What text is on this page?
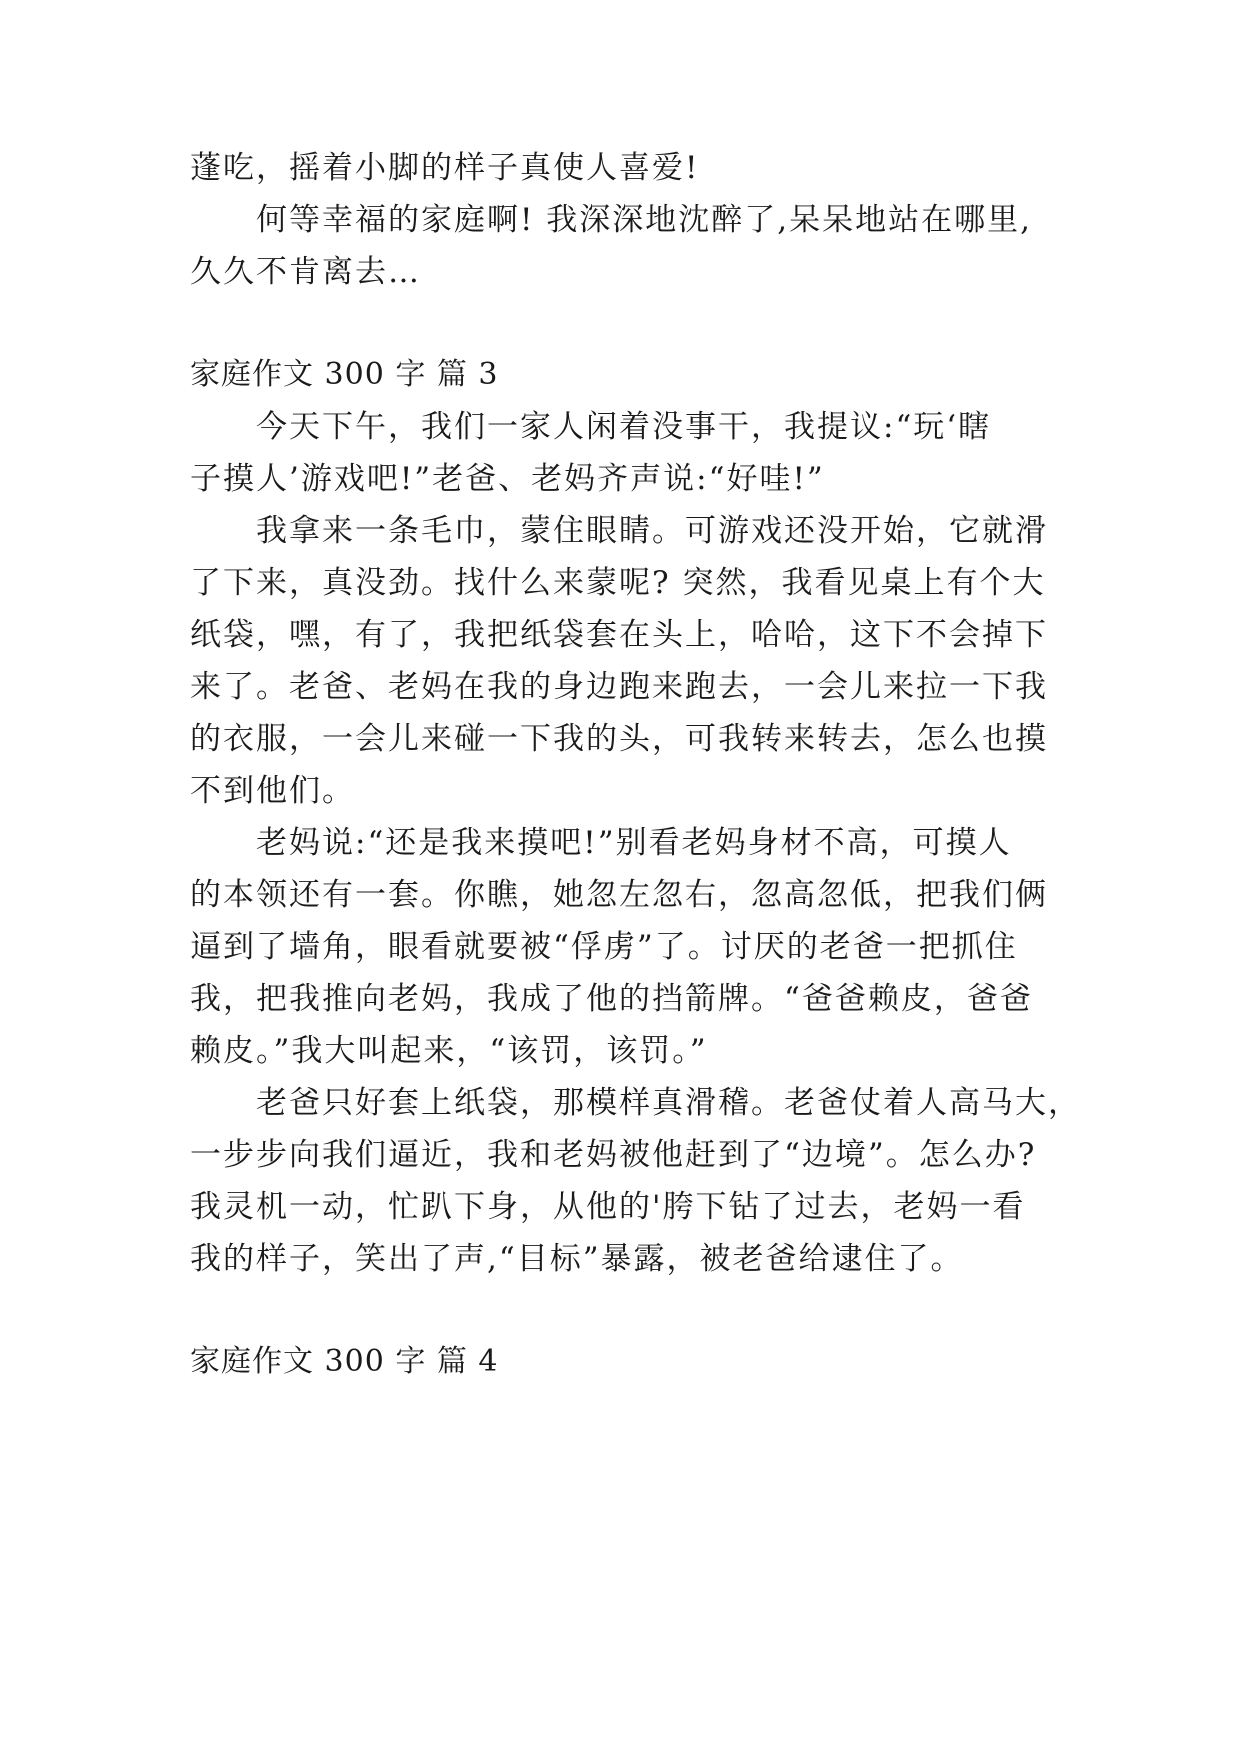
蓬吃，摇着小脚的样子真使人喜爱!
何等幸福的家庭啊! 我深深地沈醉了,呆呆地站在哪里,
久久不肯离去…
家庭作文 300 字 篇 3
今天下午，我们一家人闲着没事干，我提议:“玩‘瞎
子摸人’游戏吧!”老爸、老妈齐声说:“好哇!”
我拿来一条毛巾，蒙住眼睛。可游戏还没开始，它就滑
了下来，真没劲。找什么来蒙呢? 突然，我看见桌上有个大
纸袋，嘿，有了，我把纸袋套在头上，哈哈，这下不会掉下
来了。老爸、老妈在我的身边跑来跑去，一会儿来拉一下我
的衣服，一会儿来碰一下我的头，可我转来转去，怎么也摸
不到他们。
老妈说:“还是我来摸吧!”别看老妈身材不高，可摸人
的本领还有一套。你瞧，她忽左忽右，忽高忽低，把我们俩
逼到了墙角，眼看就要被“俘虏”了。讨厌的老爸一把抓住
我，把我推向老妈，我成了他的挡箭牌。“爸爸赖皮，爸爸
赖皮。”我大叫起来，“该罚，该罚。”
老爸只好套上纸袋，那模样真滑稽。老爸仗着人高马大，
一步步向我们逼近，我和老妈被他赶到了“边境”。怎么办?
我灵机一动，忙趴下身，从他的'胯下钻了过去，老妈一看
我的样子，笑出了声,“目标”暴露，被老爸给逮住了。
家庭作文 300 字 篇 4
